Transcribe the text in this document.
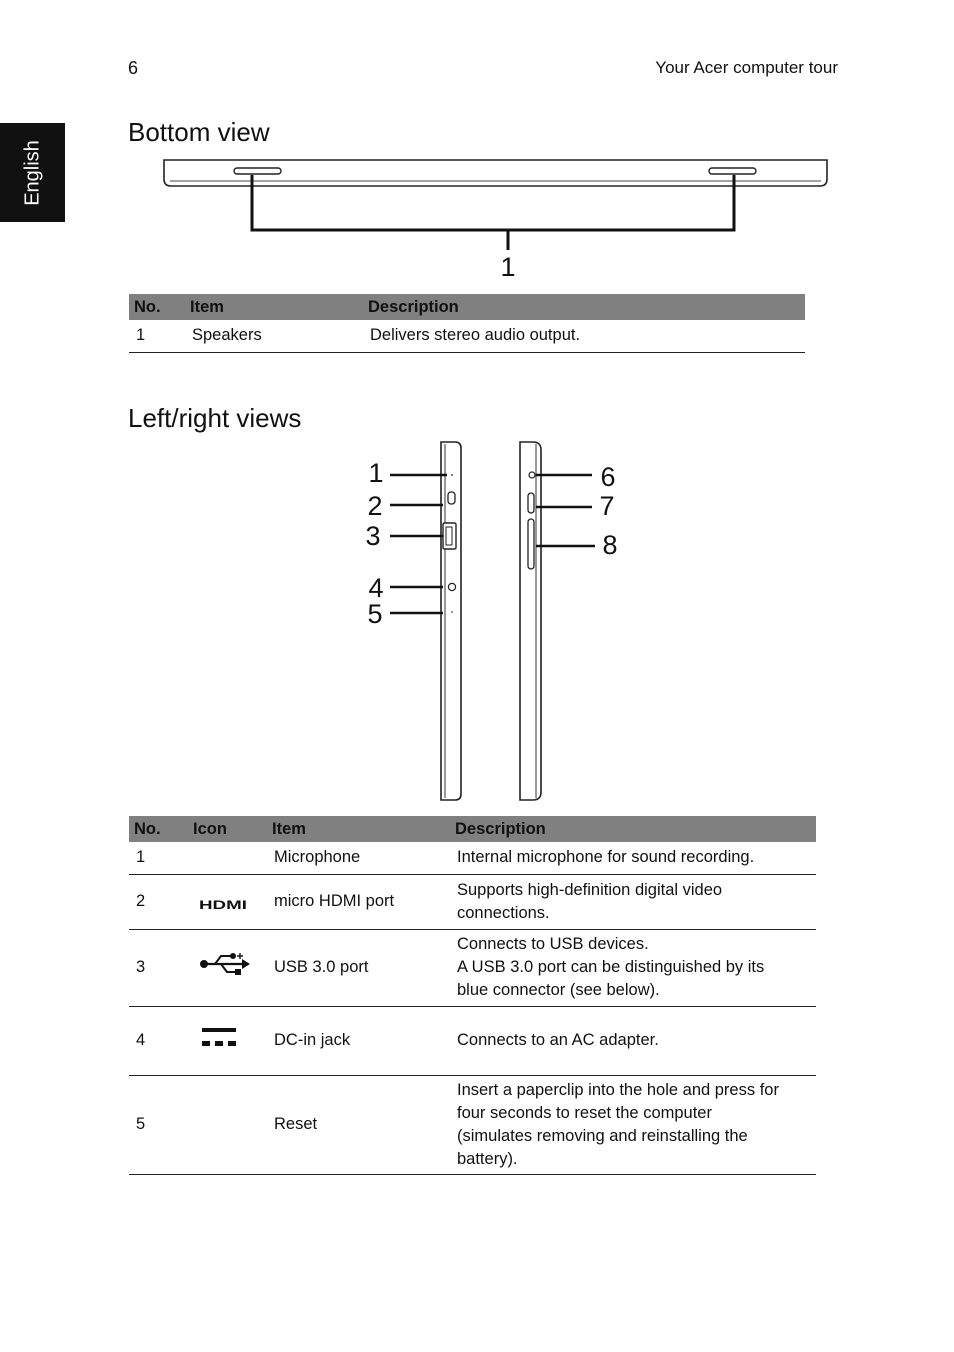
6	Your Acer computer tour
English
Bottom view
1
No.	Item	Description
1	Speakers	Delivers stereo audio output.
Left/right views
1
2
3
4
5
6
7
8
No.	Icon	Item	Description
1		Microphone	Internal microphone for sound recording.

2	HDMI	micro HDMI port	Supports high-definition digital video
connections.

3		USB 3.0 port	Connects to USB devices.
A USB 3.0 port can be distinguished by its
blue connector (see below).

4		DC-in jack	Connects to an AC adapter.

5		Reset	Insert a paperclip into the hole and press for
four seconds to reset the computer
(simulates removing and reinstalling the
battery).
